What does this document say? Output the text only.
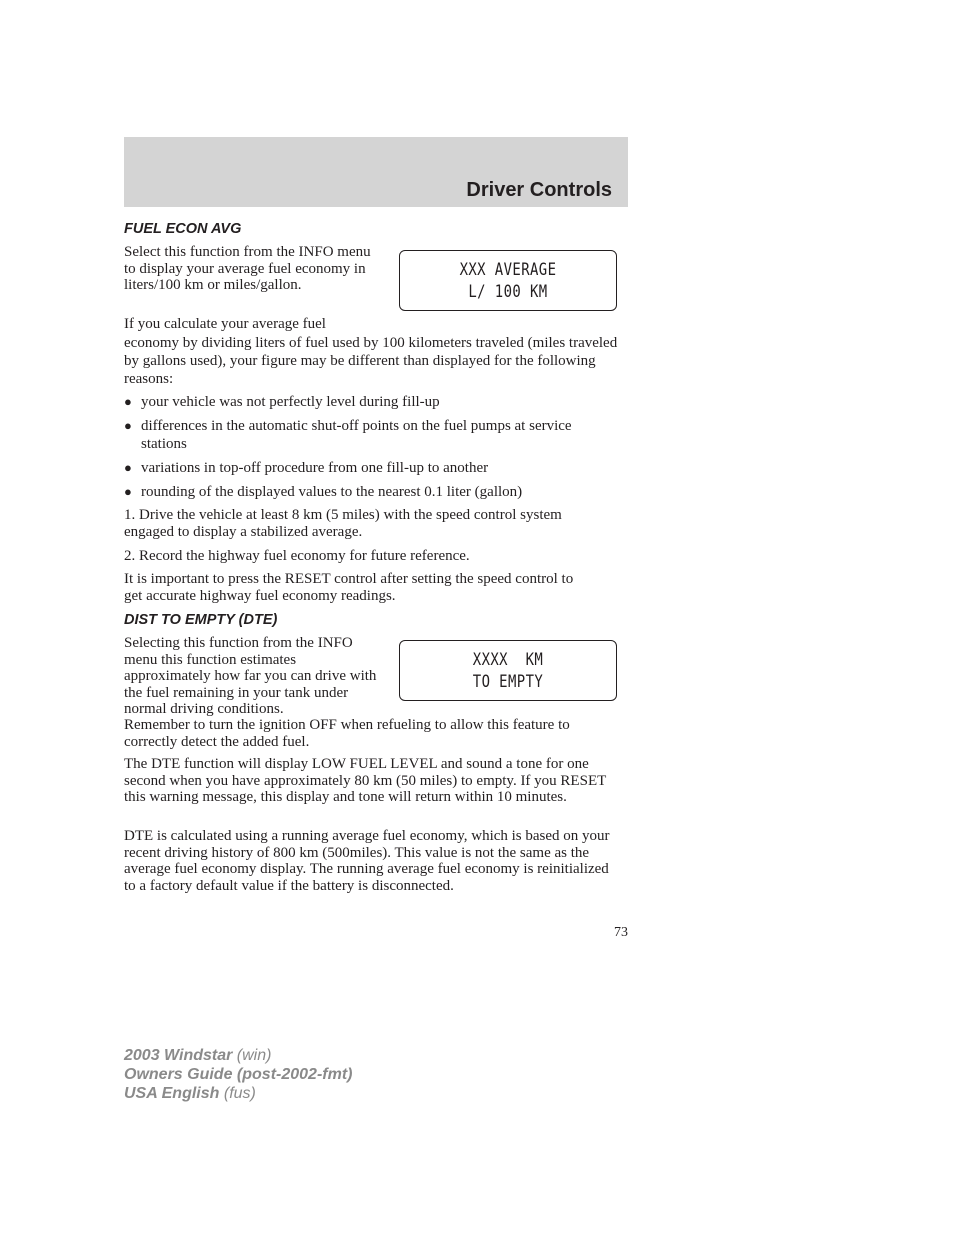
Driver Controls
FUEL ECON AVG

Select this function from the INFO menu to display your average fuel economy in liters/100 km or miles/gallon.

XXX AVERAGE
L/ 100 KM

If you calculate your average fuel

economy by dividing liters of fuel used by 100 kilometers traveled (miles traveled by gallons used), your figure may be different than displayed for the following reasons:

● your vehicle was not perfectly level during fill-up
● differences in the automatic shut-off points on the fuel pumps at service stations
● variations in top-off procedure from one fill-up to another
● rounding of the displayed values to the nearest 0.1 liter (gallon)

1. Drive the vehicle at least 8 km (5 miles) with the speed control system engaged to display a stabilized average.

2. Record the highway fuel economy for future reference.

It is important to press the RESET control after setting the speed control to get accurate highway fuel economy readings.

DIST TO EMPTY (DTE)

Selecting this function from the INFO menu this function estimates approximately how far you can drive with the fuel remaining in your tank under normal driving conditions.

XXXX  KM
TO EMPTY

Remember to turn the ignition OFF when refueling to allow this feature to correctly detect the added fuel.

The DTE function will display LOW FUEL LEVEL and sound a tone for one second when you have approximately 80 km (50 miles) to empty. If you RESET this warning message, this display and tone will return within 10 minutes.

DTE is calculated using a running average fuel economy, which is based on your recent driving history of 800 km (500miles). This value is not the same as the average fuel economy display. The running average fuel economy is reinitialized to a factory default value if the battery is disconnected.

73
2003 Windstar (win)
Owners Guide (post-2002-fmt)
USA English (fus)
